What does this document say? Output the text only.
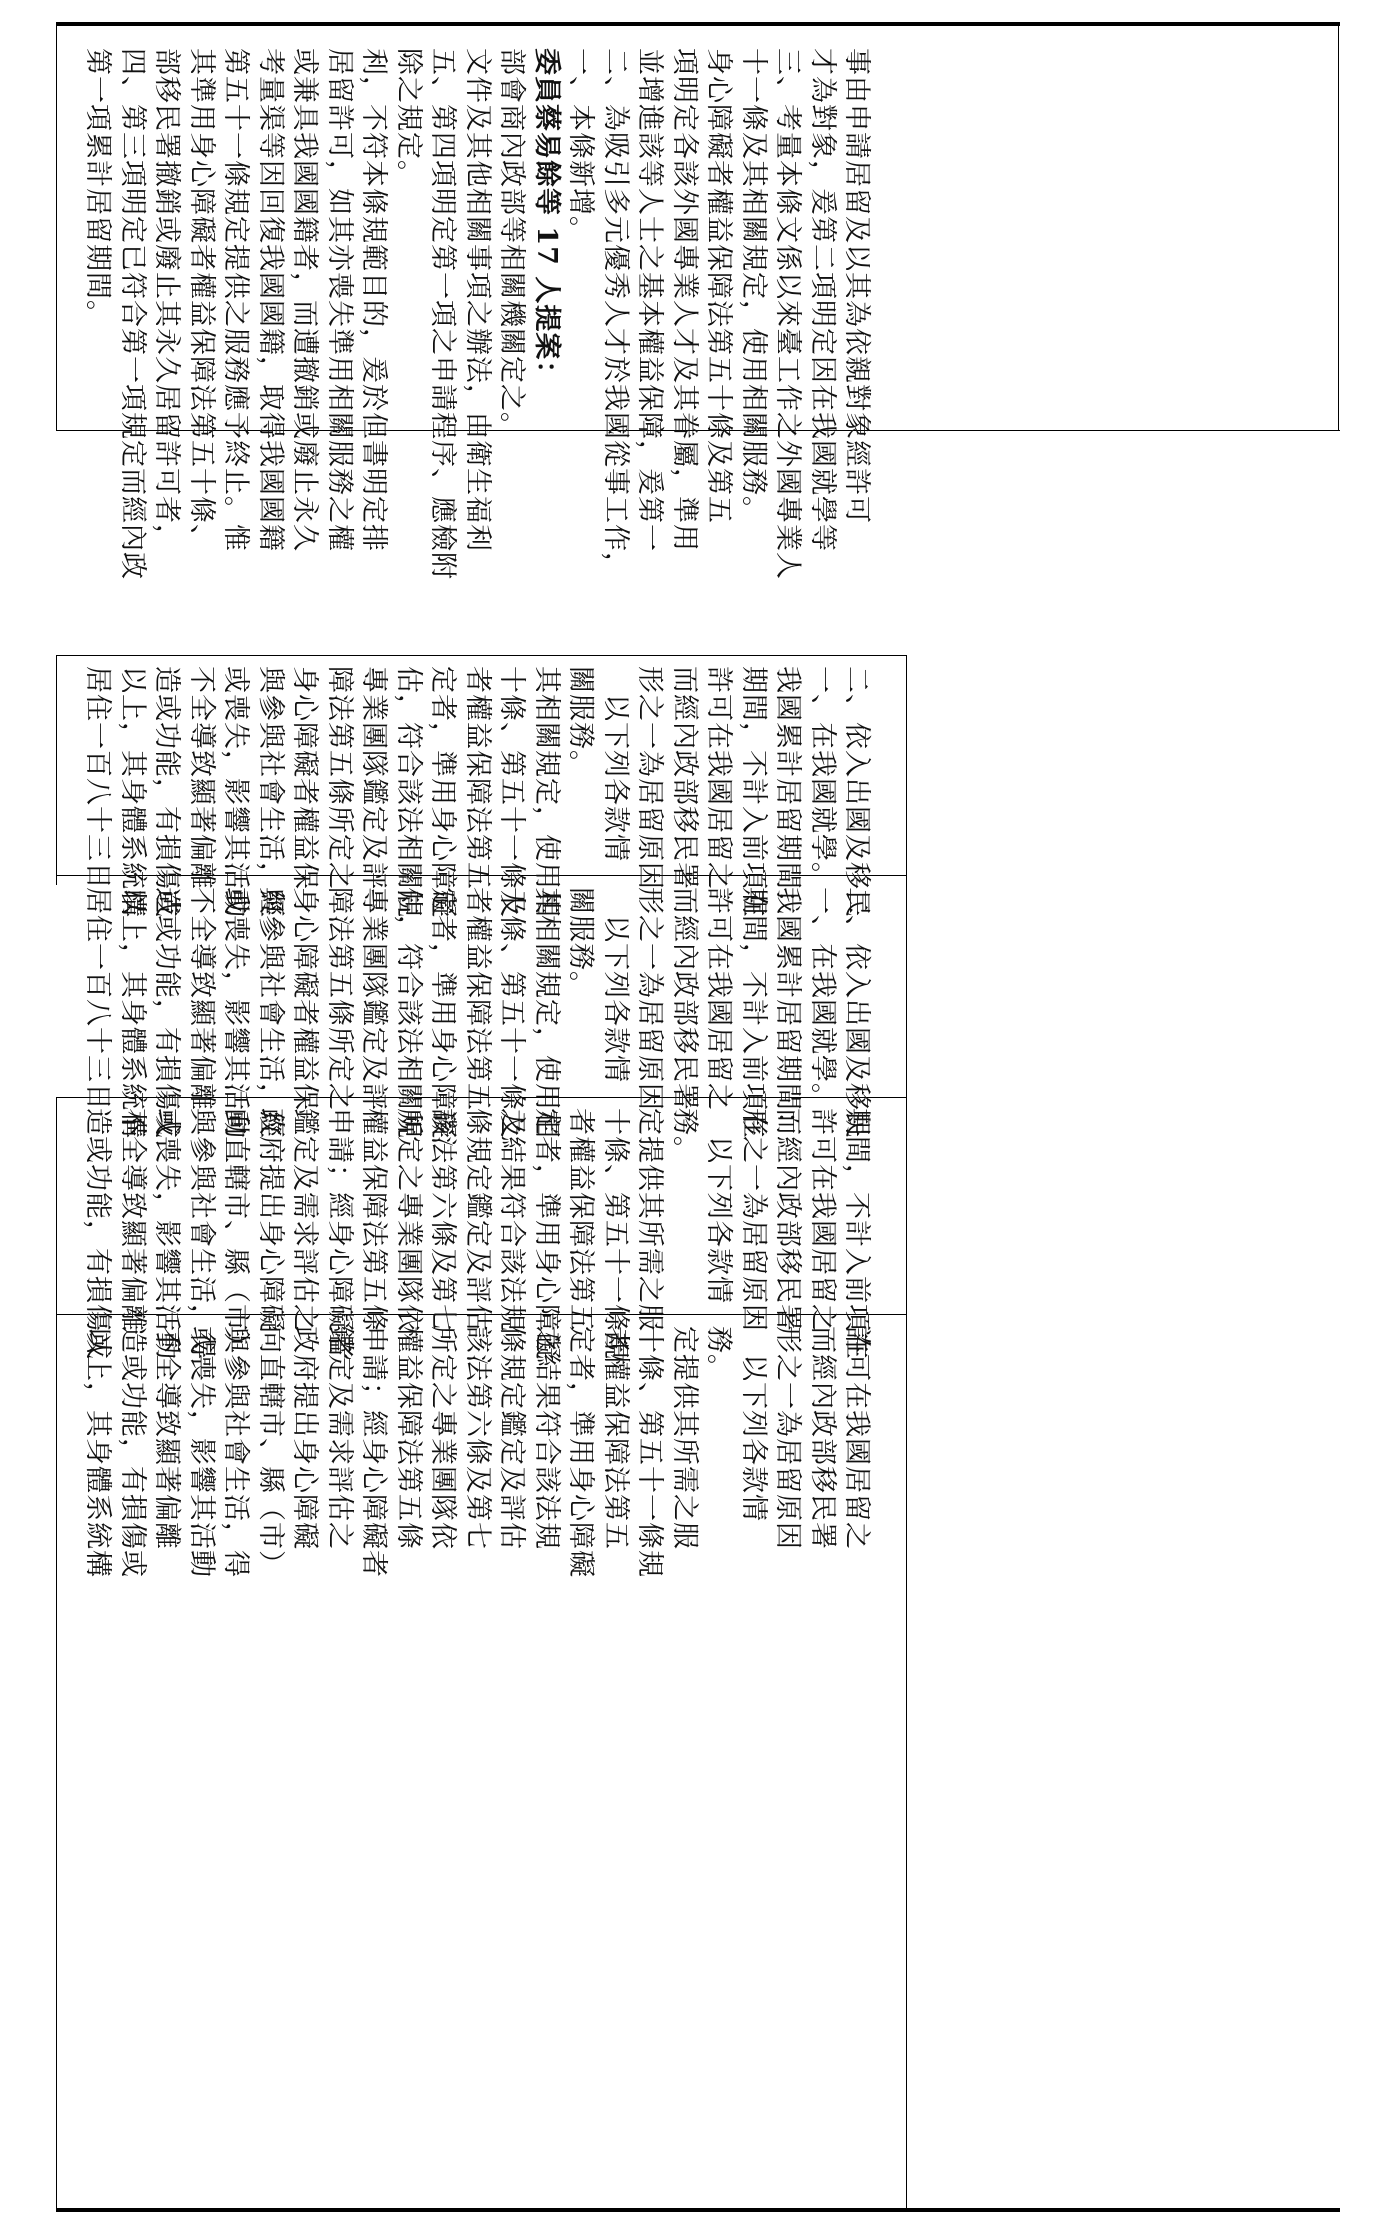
第一項累計居留期間。 四、第三項明定已符合第一項規定而經內政 部移民署撤銷或廢止其永久居留許可者， 其準用身心障礙者權益保障法第五十條、 第五十一條規定提供之服務應予終止。惟 考量渠等因回復我國國籍，取得我國國籍 或兼具我國國籍者，而遭撤銷或廢止永久 居留許可，如其亦喪失準用相關服務之權 利，不符本條規範目的，爰於但書明定排 除之規定。 五、第四項明定第一項之申請程序、應檢附 文件及其他相關事項之辦法，由衛生福利 部會商內政部等相關機關定之。 委員蔡易餘等 17 人提案： 一、本條新增。 二、為吸引多元優秀人才於我國從事工作， 並增進該等人士之基本權益保障，爰第一 項明定各該外國專業人才及其眷屬，準用 身心障礙者權益保障法第五十條及第五 十一條及其相關規定，使用相關服務。 三、考量本條文係以來臺工作之外國專業人 才為對象，爰第二項明定因在我國就學等 事由申請居留及以其為依親對象經許可
居住一百八十三日 以上，其身體系統構 造或功能，有損傷或 不全導致顯著偏離 或喪失，影響其活動 與參與社會生活，經 身心障礙者權益保 障法第五條所定之 專業團隊鑑定及評 估，符合該法相關規 定者，準用身心障礙 者權益保障法第五 十條、第五十一條及 其相關規定，使用相 關服務。 　以下列各款情 形之一為居留原因 而經內政部移民署 許可在我國居留之 期間，不計入前項在 我國累計居留期間： 一、在我國就學。 二、依入出國及移民
居住一百八十三日 以上，其身體系統構 造或功能，有損傷或 不全導致顯著偏離 或喪失，影響其活動 與參與社會生活，經 身心障礙者權益保 障法第五條所定之 專業團隊鑑定及評 估，符合該法相關規 定者，準用身心障礙 者權益保障法第五 十條、第五十一條及 其相關規定，使用相 關服務。 　以下列各款情 形之一為居留原因 而經內政部移民署 許可在我國居留之 期間，不計入前項在 我國累計居留期間： 一、在我國就學。 二、依入出國及移民
造或功能，有損傷或 不全導致顯著偏離 或喪失，影響其活動 與參與社會生活，得 向直轄市、縣（市） 政府提出身心障礙 鑑定及需求評估之 申請；經身心障礙者 權益保障法第五條 所定之專業團隊依 該法第六條及第七 條規定鑑定及評估 之結果符合該法規 定者，準用身心障礙 者權益保障法第五 十條、第五十一條規 定提供其所需之服 務。 　以下列各款情 形之一為居留原因 而經內政部移民署 許可在我國居留之 期間，不計入前項在
以上，其身體系統構 造或功能，有損傷或 不全導致顯著偏離 或喪失，影響其活動 與參與社會生活，得 向直轄市、縣（市） 政府提出身心障礙 鑑定及需求評估之 申請；經身心障礙者 權益保障法第五條 所定之專業團隊依 該法第六條及第七 條規定鑑定及評估 之結果符合該法規 定者，準用身心障礙 者權益保障法第五 十條、第五十一條規 定提供其所需之服 務。 　以下列各款情 形之一為居留原因 而經內政部移民署 許可在我國居留之
